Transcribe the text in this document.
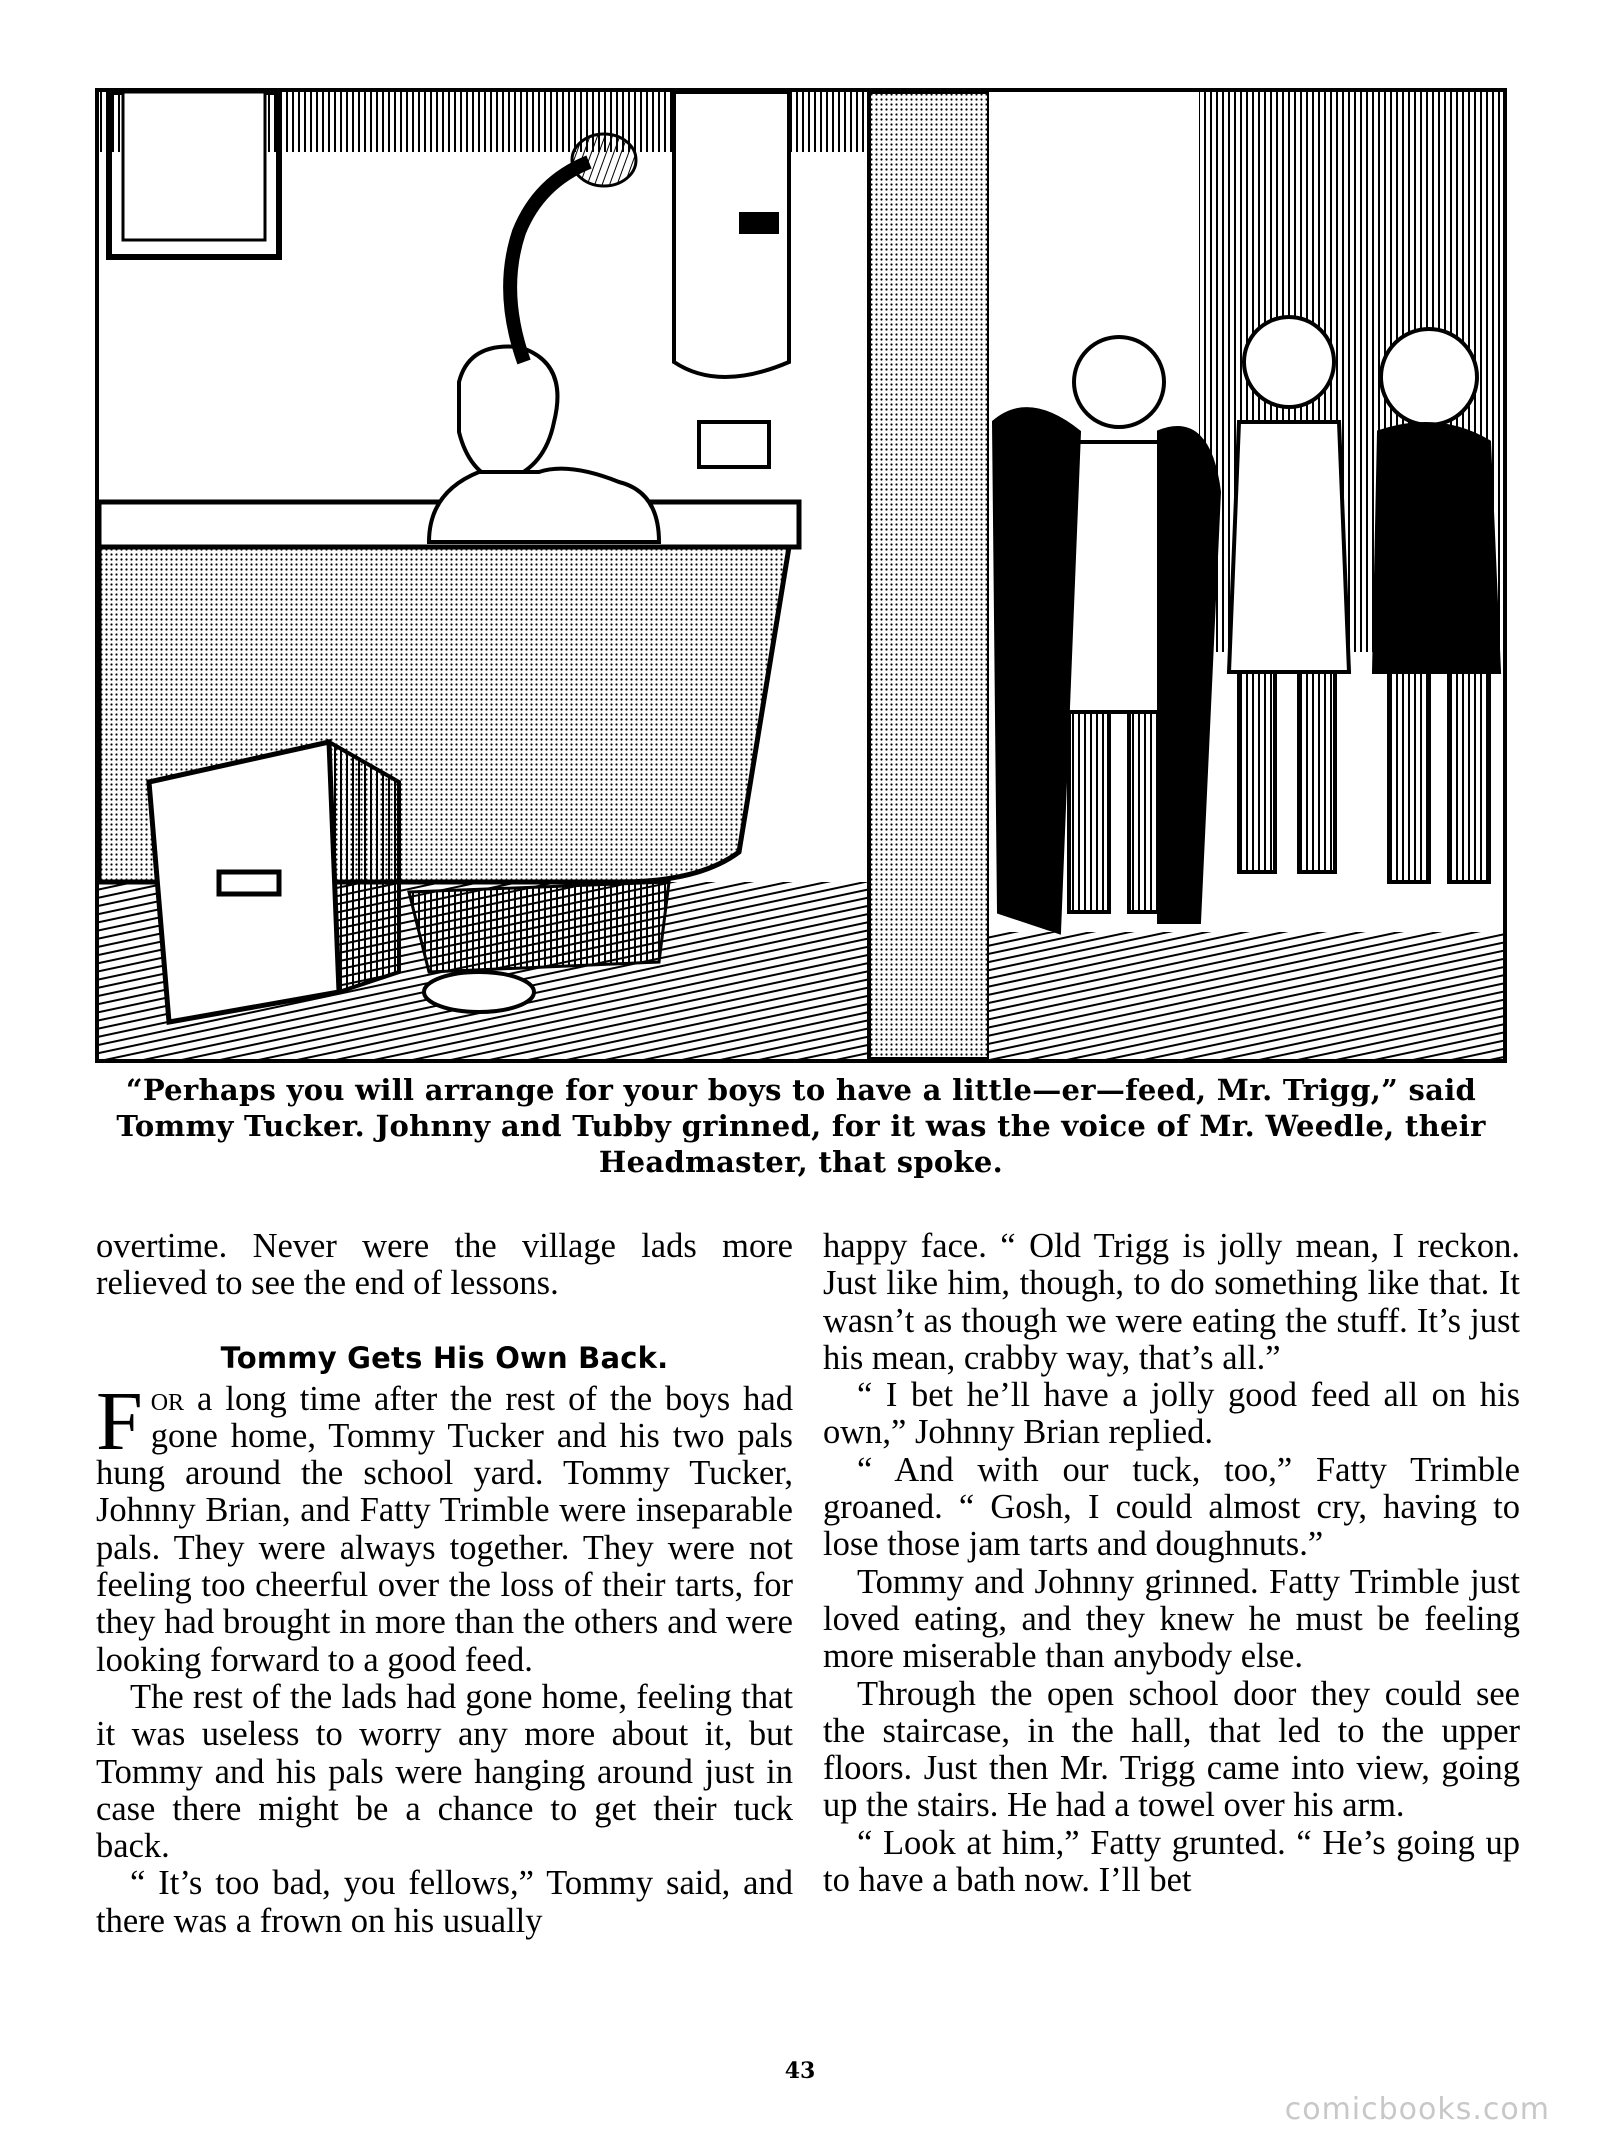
“Perhaps you will arrange for your boys to have a little—er—feed, Mr. Trigg,” said Tommy Tucker. Johnny and Tubby grinned, for it was the voice of Mr. Weedle, their Headmaster, that spoke.

overtime. Never were the village lads more relieved to see the end of lessons.

Tommy Gets His Own Back.

For a long time after the rest of the boys had gone home, Tommy Tucker and his two pals hung around the school yard. Tommy Tucker, Johnny Brian, and Fatty Trimble were inseparable pals. They were always together. They were not feeling too cheerful over the loss of their tarts, for they had brought in more than the others and were looking forward to a good feed.

The rest of the lads had gone home, feeling that it was useless to worry any more about it, but Tommy and his pals were hanging around just in case there might be a chance to get their tuck back.

“ It’s too bad, you fellows,” Tommy said, and there was a frown on his usually

happy face. “ Old Trigg is jolly mean, I reckon. Just like him, though, to do something like that. It wasn’t as though we were eating the stuff. It’s just his mean, crabby way, that’s all.”

“ I bet he’ll have a jolly good feed all on his own,” Johnny Brian replied.

“ And with our tuck, too,” Fatty Trimble groaned. “ Gosh, I could almost cry, having to lose those jam tarts and doughnuts.”

Tommy and Johnny grinned. Fatty Trimble just loved eating, and they knew he must be feeling more miserable than anybody else.

Through the open school door they could see the staircase, in the hall, that led to the upper floors. Just then Mr. Trigg came into view, going up the stairs. He had a towel over his arm.

“ Look at him,” Fatty grunted. “ He’s going up to have a bath now. I’ll bet

43
comicbooks.com
